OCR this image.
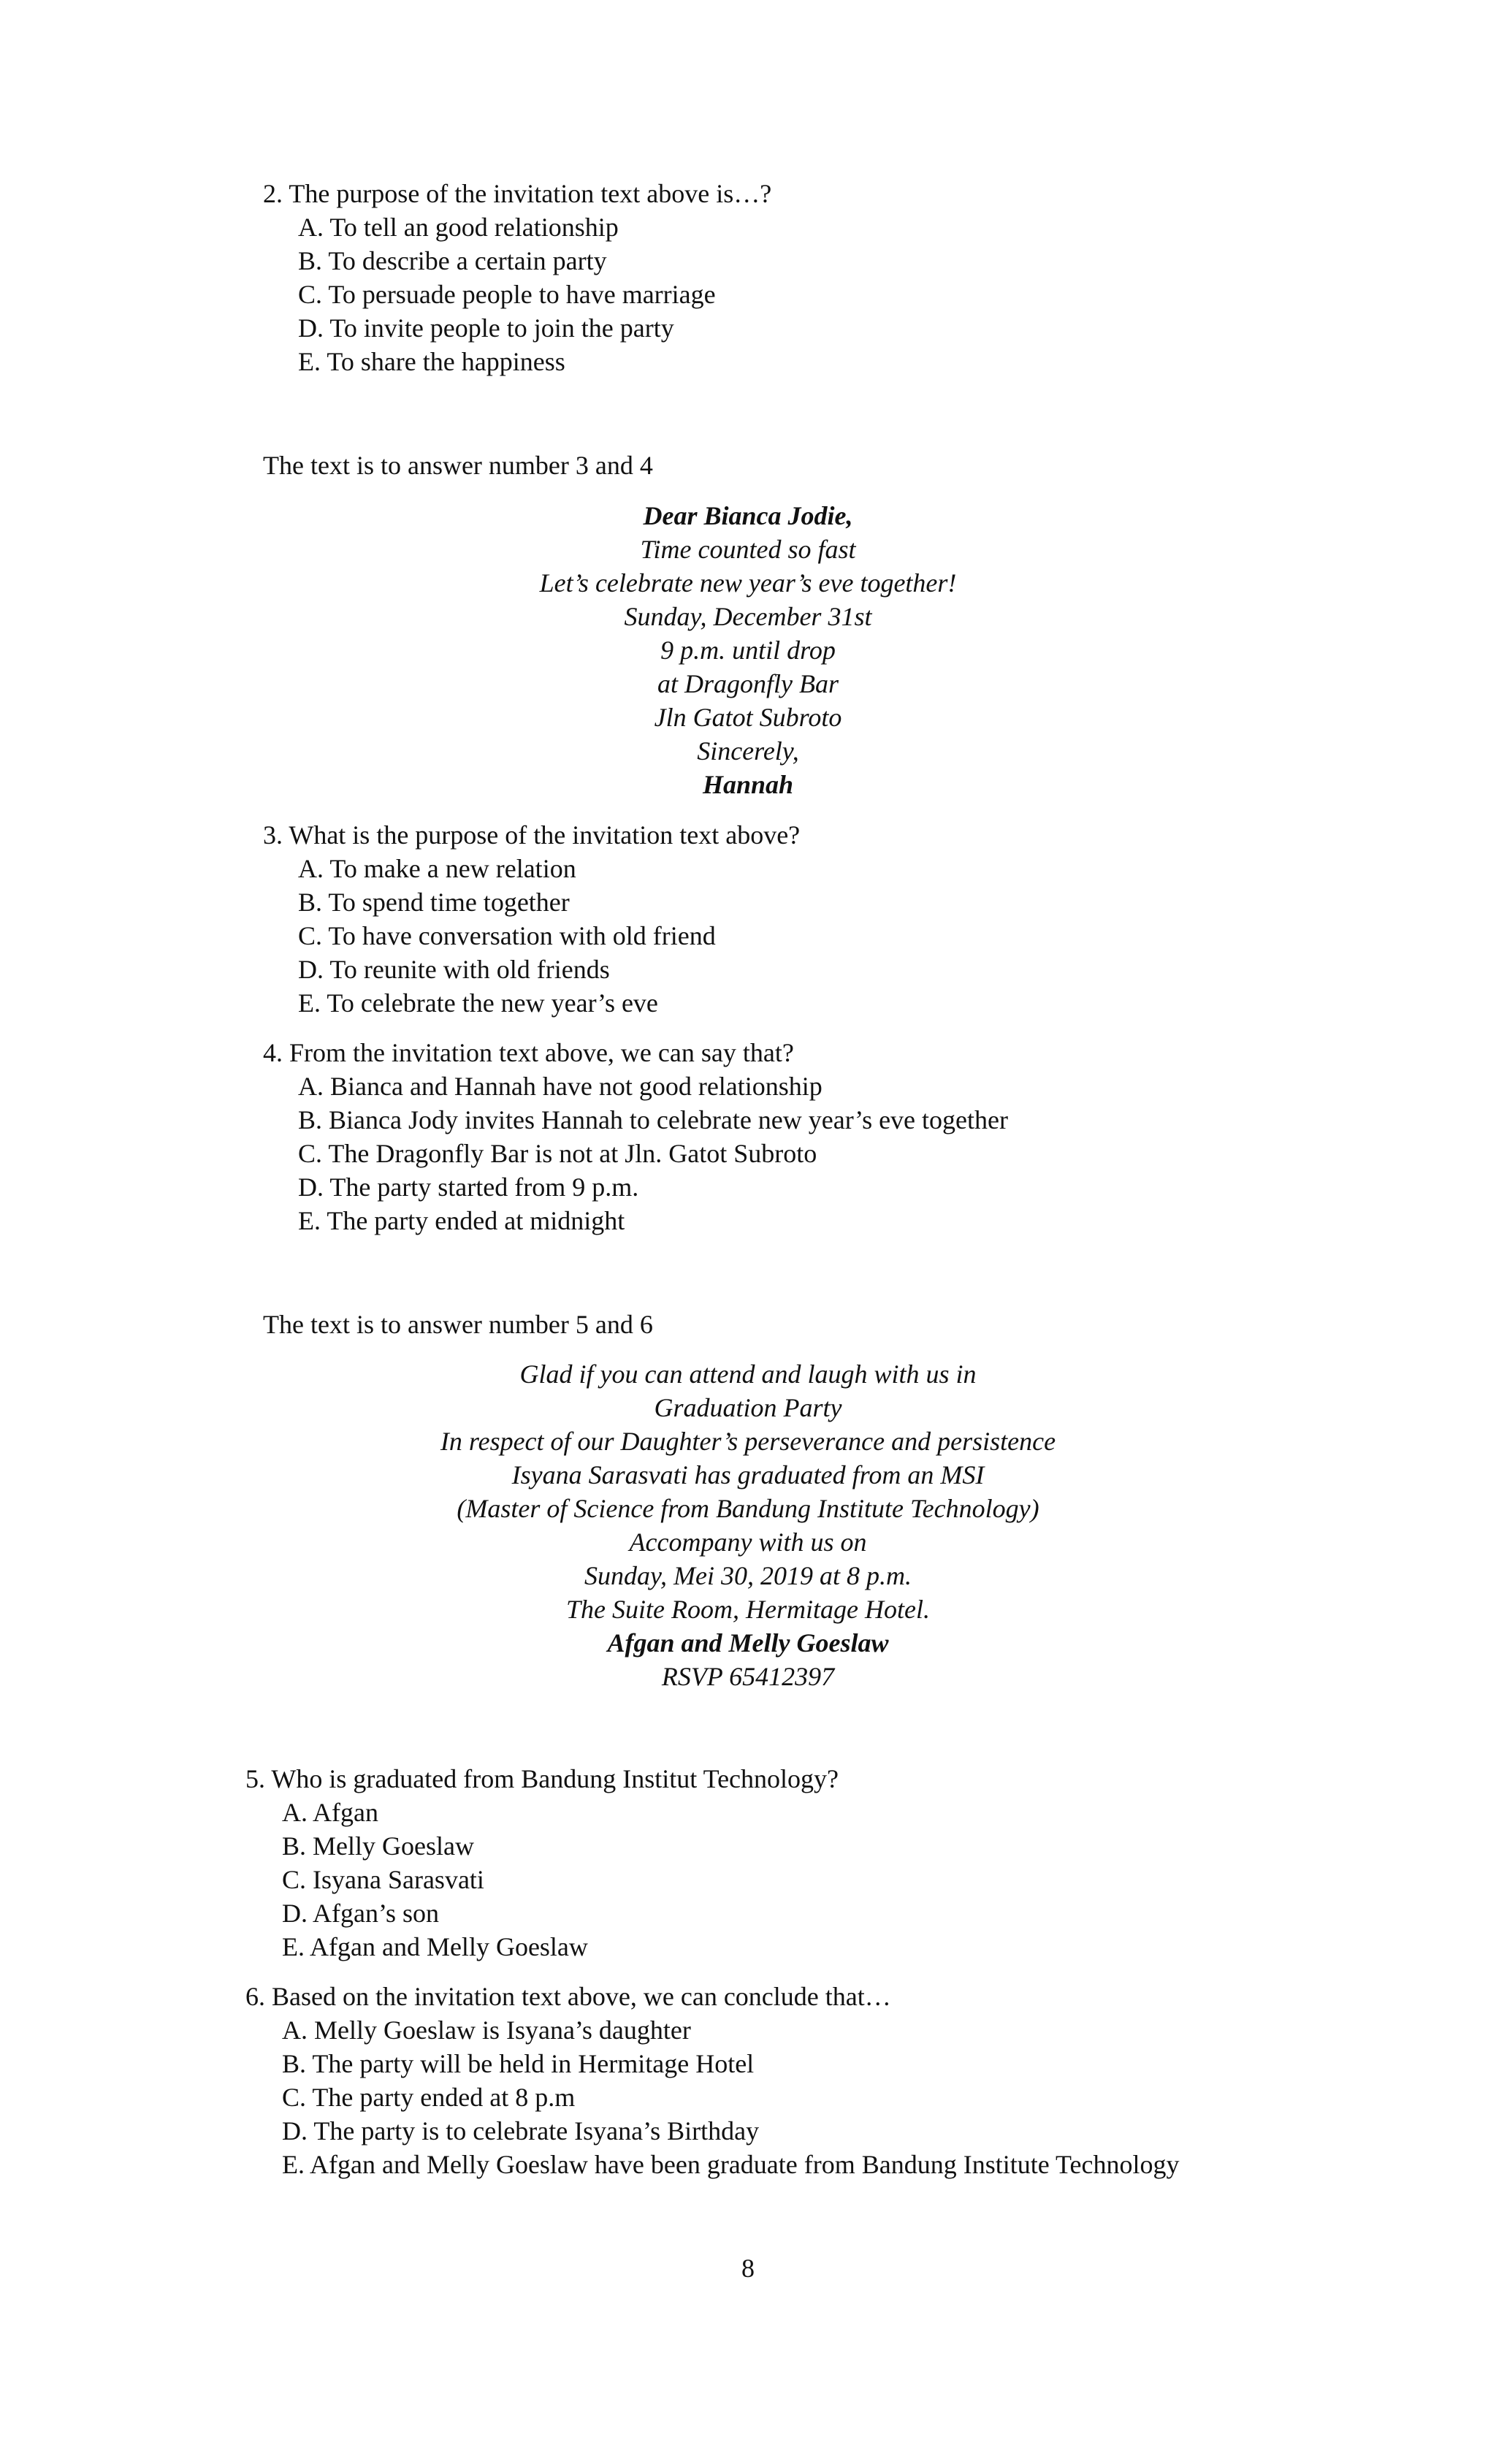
2. The purpose of the invitation text above is…?
A. To tell an good relationship
B. To describe a certain party
C. To persuade people to have marriage
D. To invite people to join the party
E. To share the happiness
The text is to answer number 3 and 4
Dear Bianca Jodie,
Time counted so fast
Let’s celebrate new year’s eve together!
Sunday, December 31st
9 p.m. until drop
at Dragonfly Bar
Jln Gatot Subroto
Sincerely,
Hannah
3. What is the purpose of the invitation text above?
A. To make a new relation
B. To spend time together
C. To have conversation with old friend
D. To reunite with old friends
E. To celebrate the new year’s eve
4. From the invitation text above, we can say that?
A. Bianca and Hannah have not good relationship
B. Bianca Jody invites Hannah to celebrate new year’s eve together
C. The Dragonfly Bar is not at Jln. Gatot Subroto
D. The party started from 9 p.m.
E. The party ended at midnight
The text is to answer number 5 and 6
Glad if you can attend and laugh with us in
Graduation Party
In respect of our Daughter’s perseverance and persistence
Isyana Sarasvati has graduated from an MSI
(Master of Science from Bandung Institute Technology)
Accompany with us on
Sunday, Mei 30, 2019 at 8 p.m.
The Suite Room, Hermitage Hotel.
Afgan and Melly Goeslaw
RSVP 65412397
5. Who is graduated from Bandung Institut Technology?
A. Afgan
B. Melly Goeslaw
C. Isyana Sarasvati
D. Afgan’s son
E. Afgan and Melly Goeslaw
6. Based on the invitation text above, we can conclude that…
A. Melly Goeslaw is Isyana’s daughter
B. The party will be held in Hermitage Hotel
C. The party ended at 8 p.m
D. The party is to celebrate Isyana’s Birthday
E. Afgan and Melly Goeslaw have been graduate from Bandung Institute Technology
8
